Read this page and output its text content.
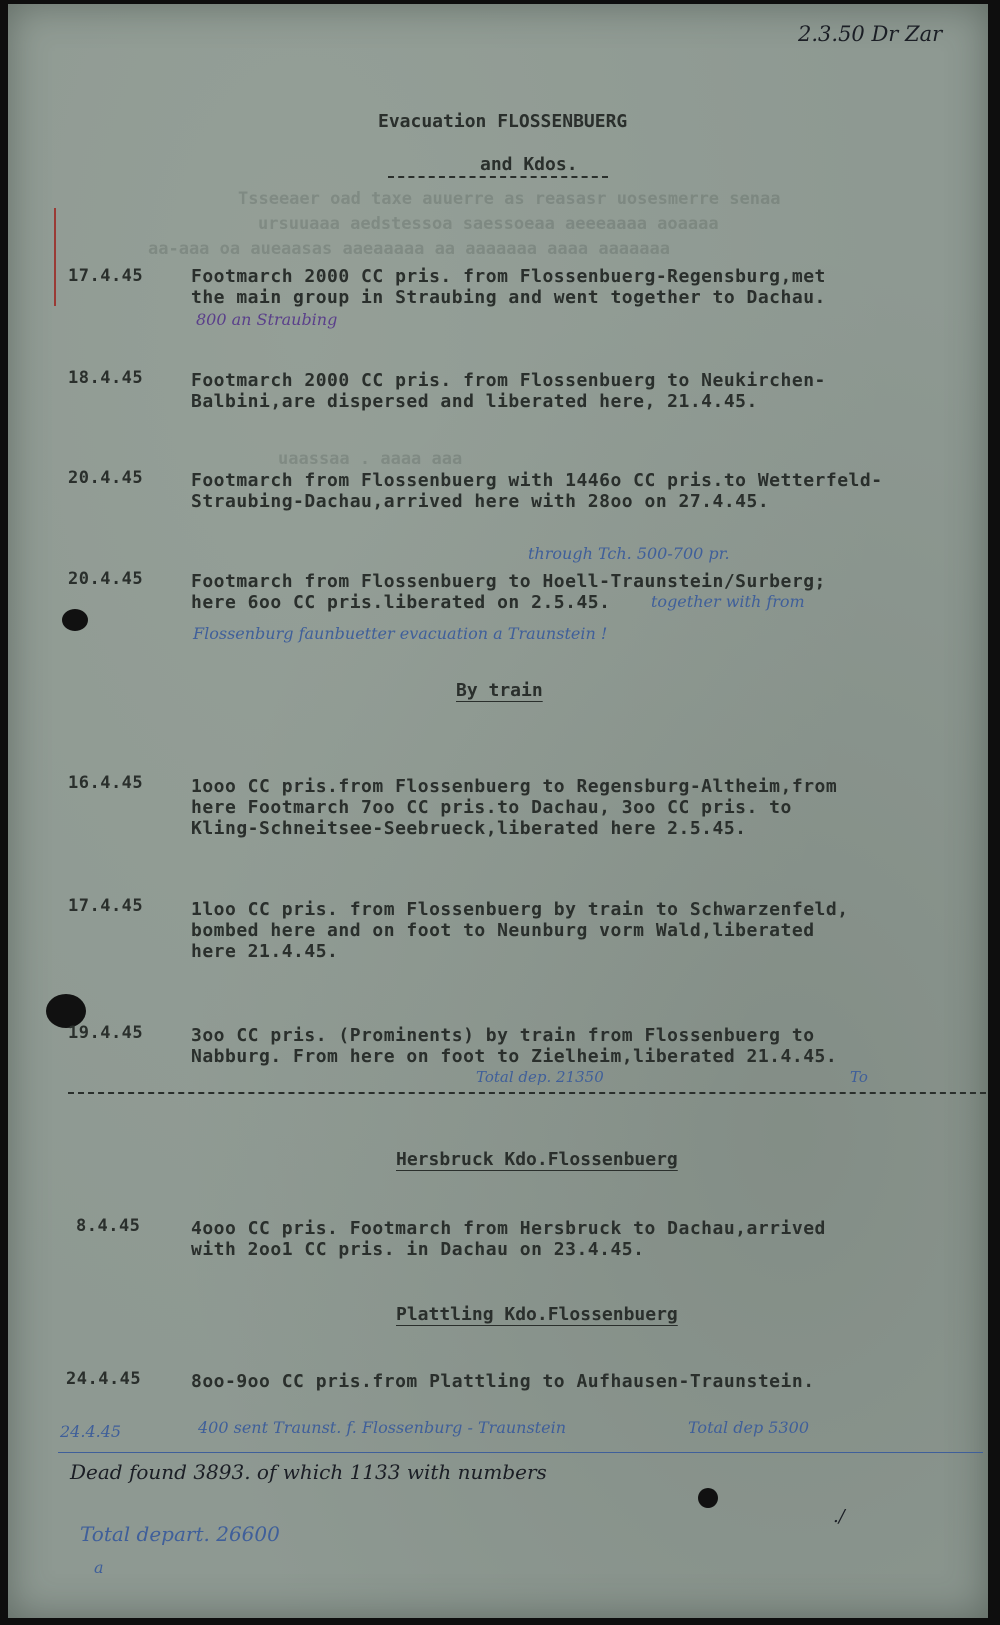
Tsseeaer oad taxe auuerre as reasasr uosesmerre senaa
ursuuaaa aedstessoa saessoeaa aeeeaaaa aoaaaa
aa-aaa oa aueaasas aaeaaaaa aa aaaaaaa aaaa aaaaaaa
uaassaa . aaaa aaa
2.3.50 Dr Zar
Evacuation FLOSSENBUERG
and Kdos.
17.4.45	Footmarch 2000 CC pris. from Flossenbuerg-Regensburg,met
the main group in Straubing and went together to Dachau.
800 an Straubing
18.4.45	Footmarch 2000 CC pris. from Flossenbuerg to Neukirchen-
Balbini,are dispersed and liberated here, 21.4.45.
20.4.45	Footmarch from Flossenbuerg with 1446o CC pris.to Wetterfeld-
Straubing-Dachau,arrived here with 28oo on 27.4.45.
through Tch. 500-700 pr.
20.4.45	Footmarch from Flossenbuerg to Hoell-Traunstein/Surberg;
here 6oo CC pris.liberated on 2.5.45.	together with from
Flossenburg faunbuetter evacuation a Traunstein !
By train
16.4.45	1ooo CC pris.from Flossenbuerg to Regensburg-Altheim,from
here Footmarch 7oo CC pris.to Dachau, 3oo CC pris. to
Kling-Schneitsee-Seebrueck,liberated here 2.5.45.
17.4.45	1loo CC pris. from Flossenbuerg by train to Schwarzenfeld,
bombed here and on foot to Neunburg vorm Wald,liberated
here 21.4.45.
19.4.45	3oo CC pris. (Prominents) by train from Flossenbuerg to
Nabburg. From here on foot to Zielheim,liberated 21.4.45.
Total dep. 21350	To
Hersbruck Kdo.Flossenbuerg
8.4.45	4ooo CC pris. Footmarch from Hersbruck to Dachau,arrived
with 2oo1 CC pris. in Dachau on 23.4.45.
Plattling Kdo.Flossenbuerg
24.4.45	8oo-9oo CC pris.from Plattling to Aufhausen-Traunstein.
24.4.45	400 sent Traunst. f. Flossenburg - Traunstein	Total dep 5300
Dead found 3893. of which 1133 with numbers
Total depart. 26600
a
./
